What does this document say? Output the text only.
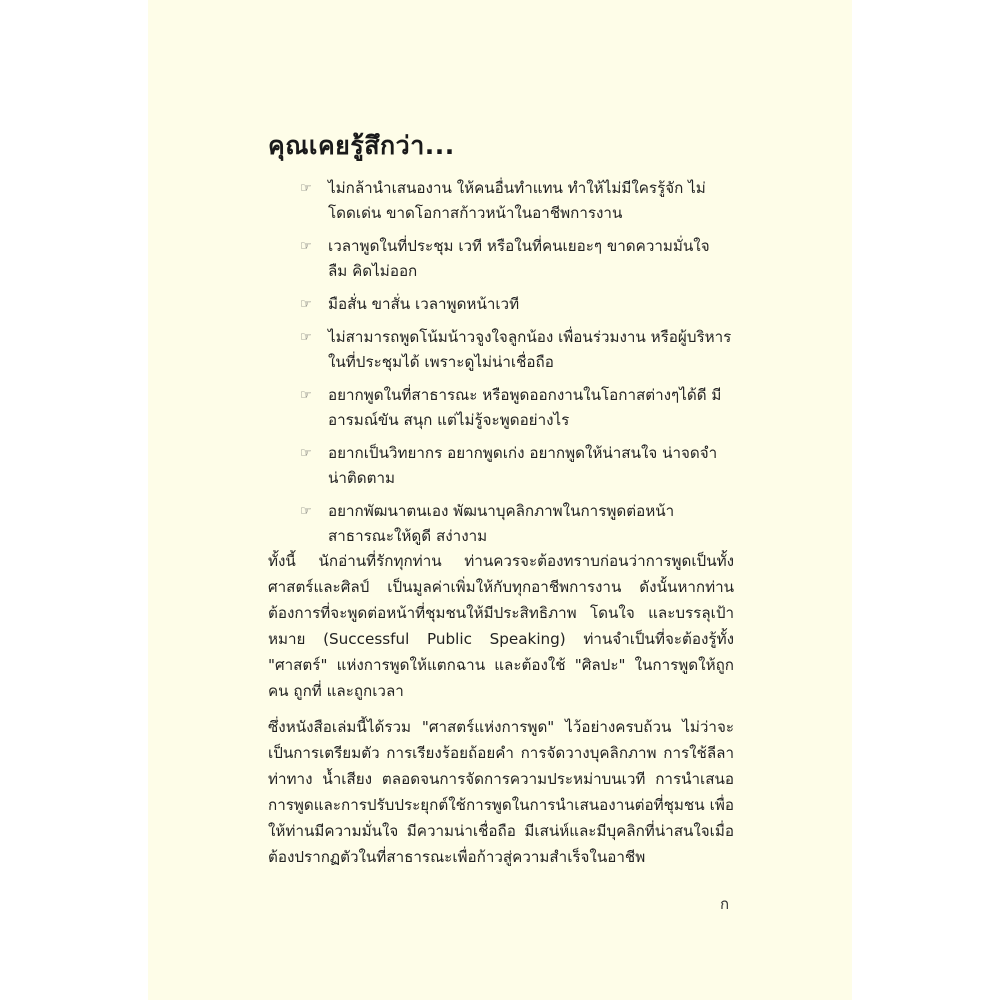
คุณเคยรู้สึกว่า...
☞ ไม่กล้านำเสนองาน ให้คนอื่นทำแทน ทำให้ไม่มีใครรู้จัก ไม่โดดเด่น ขาดโอกาสก้าวหน้าในอาชีพการงาน
☞ เวลาพูดในที่ประชุม เวที หรือในที่คนเยอะๆ ขาดความมั่นใจ ลืม คิดไม่ออก
☞ มือสั่น ขาสั่น เวลาพูดหน้าเวที
☞ ไม่สามารถพูดโน้มน้าวจูงใจลูกน้อง เพื่อนร่วมงาน หรือผู้บริหารในที่ประชุมได้ เพราะดูไม่น่าเชื่อถือ
☞ อยากพูดในที่สาธารณะ หรือพูดออกงานในโอกาสต่างๆได้ดี มีอารมณ์ขัน สนุก แต่ไม่รู้จะพูดอย่างไร
☞ อยากเป็นวิทยากร อยากพูดเก่ง อยากพูดให้น่าสนใจ น่าจดจำ น่าติดตาม
☞ อยากพัฒนาตนเอง พัฒนาบุคลิกภาพในการพูดต่อหน้าสาธารณะให้ดูดี สง่างาม

ทั้งนี้ นักอ่านที่รักทุกท่าน ท่านควรจะต้องทราบก่อนว่าการพูดเป็นทั้งศาสตร์และศิลป์ เป็นมูลค่าเพิ่มให้กับทุกอาชีพการงาน ดังนั้นหากท่านต้องการที่จะพูดต่อหน้าที่ชุมชนให้มีประสิทธิภาพ โดนใจ และบรรลุเป้าหมาย (Successful Public Speaking) ท่านจำเป็นที่จะต้องรู้ทั้ง "ศาสตร์" แห่งการพูดให้แตกฉาน และต้องใช้ "ศิลปะ" ในการพูดให้ถูกคน ถูกที่ และถูกเวลา

ซึ่งหนังสือเล่มนี้ได้รวม "ศาสตร์แห่งการพูด" ไว้อย่างครบถ้วน ไม่ว่าจะเป็นการเตรียมตัว การเรียงร้อยถ้อยคำ การจัดวางบุคลิกภาพ การใช้ลีลา ท่าทาง น้ำเสียง ตลอดจนการจัดการความประหม่าบนเวที การนำเสนอการพูดและการปรับประยุกต์ใช้การพูดในการนำเสนองานต่อที่ชุมชน เพื่อให้ท่านมีความมั่นใจ มีความน่าเชื่อถือ มีเสน่ห์และมีบุคลิกที่น่าสนใจเมื่อต้องปรากฏตัวในที่สาธารณะเพื่อก้าวสู่ความสำเร็จในอาชีพ

ก
